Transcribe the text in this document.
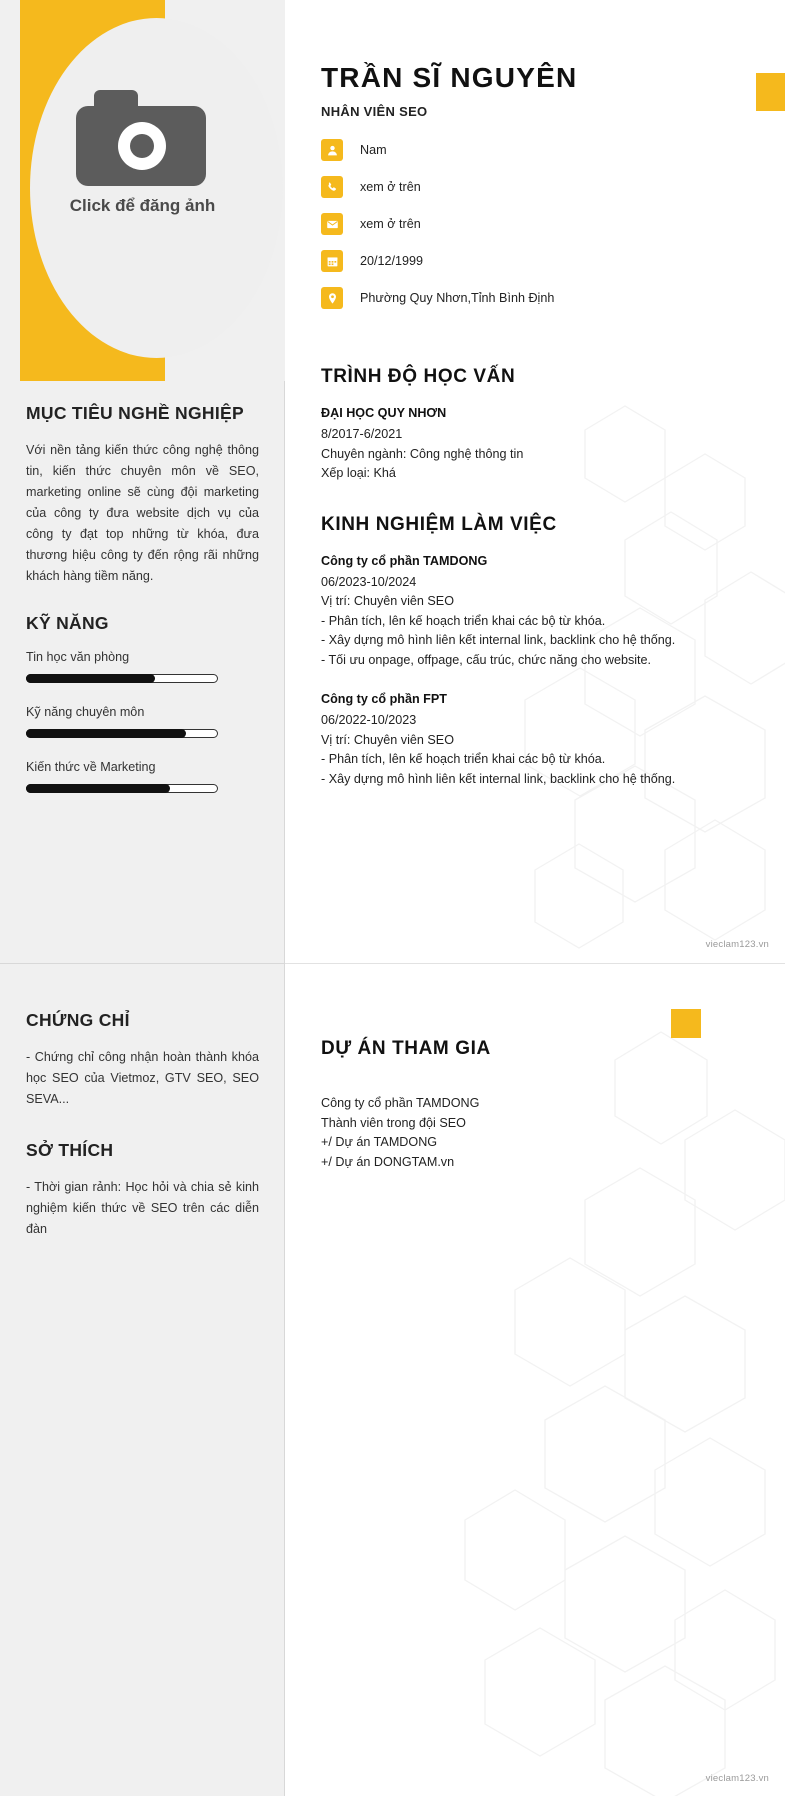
Click để đăng ảnh
MỤC TIÊU NGHỀ NGHIỆP

Với nền tảng kiến thức công nghệ thông tin, kiến thức chuyên môn về SEO, marketing online sẽ cùng đội marketing của công ty đưa website dịch vụ của công ty đạt top những từ khóa, đưa thương hiệu công ty đến rộng rãi những khách hàng tiềm năng.

KỸ NĂNG
Tin học văn phòng
Kỹ năng chuyên môn
Kiến thức về Marketing
CHỨNG CHỈ

- Chứng chỉ công nhận hoàn thành khóa học SEO của Vietmoz, GTV SEO, SEO SEVA...

SỞ THÍCH

- Thời gian rảnh: Học hỏi và chia sẻ kinh nghiệm kiến thức về SEO trên các diễn đàn

TRẦN SĨ NGUYÊN
NHÂN VIÊN SEO
Nam
xem ở trên
xem ở trên
20/12/1999
Phường Quy Nhơn,Tỉnh Bình Định
TRÌNH ĐỘ HỌC VẤN
ĐẠI HỌC QUY NHƠN

8/2017-6/2021

Chuyên ngành: Công nghệ thông tin

Xếp loại: Khá

KINH NGHIỆM LÀM VIỆC
Công ty cổ phần TAMDONG

06/2023-10/2024

Vị trí: Chuyên viên SEO

- Phân tích, lên kế hoạch triển khai các bộ từ khóa.

- Xây dựng mô hình liên kết internal link, backlink cho hệ thống.

- Tối ưu onpage, offpage, cấu trúc, chức năng cho website.

Công ty cổ phần FPT

06/2022-10/2023

Vị trí: Chuyên viên SEO

- Phân tích, lên kế hoạch triển khai các bộ từ khóa.

- Xây dựng mô hình liên kết internal link, backlink cho hệ thống.

DỰ ÁN THAM GIA

Công ty cổ phần TAMDONG

Thành viên trong đội SEO

+/ Dự án TAMDONG

+/ Dự án DONGTAM.vn

vieclam123.vn
vieclam123.vn
